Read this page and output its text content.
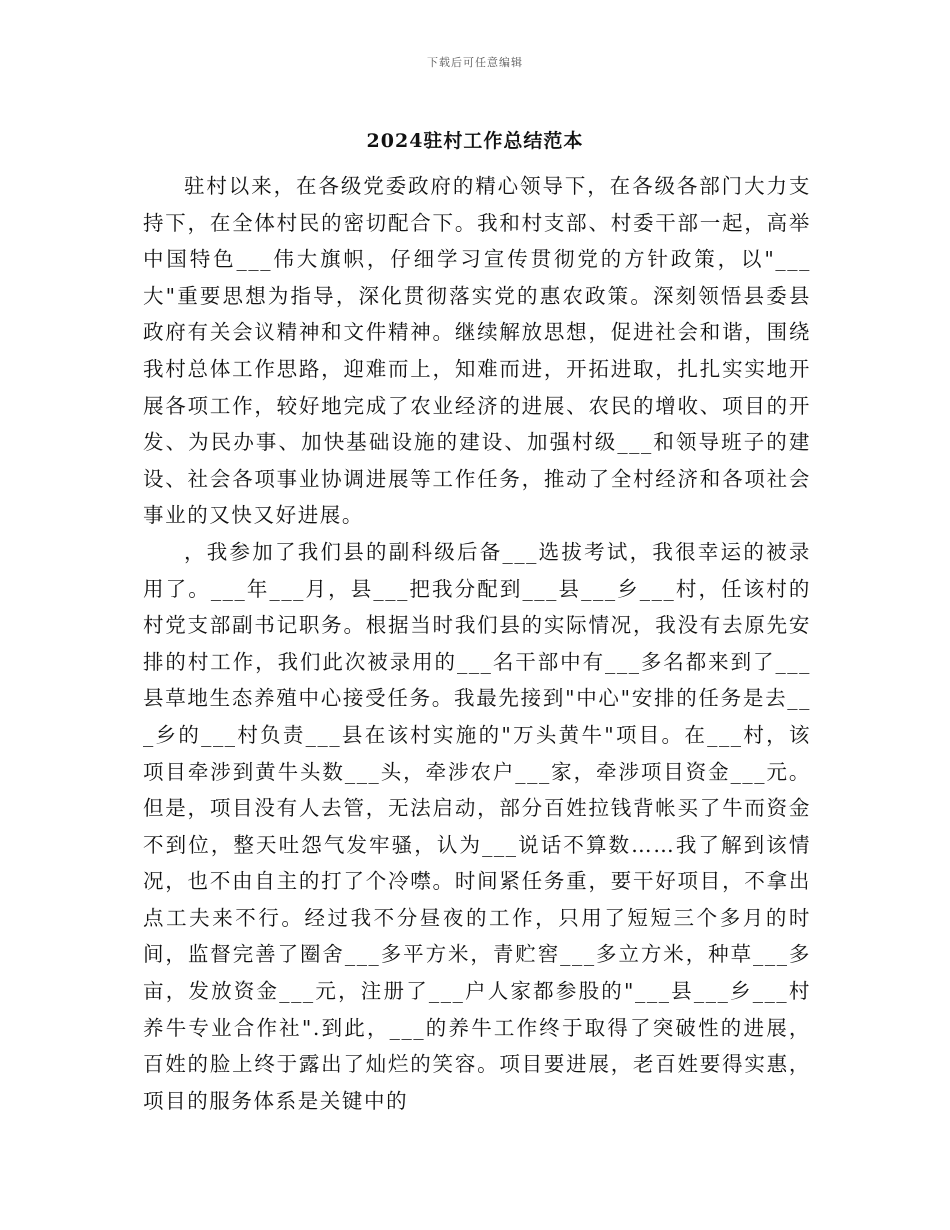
下载后可任意编辑
2024驻村工作总结范本

驻村以来，在各级党委政府的精心领导下，在各级各部门大力支持下，在全体村民的密切配合下。我和村支部、村委干部一起，高举中国特色___伟大旗帜，仔细学习宣传贯彻党的方针政策，以"___大"重要思想为指导，深化贯彻落实党的惠农政策。深刻领悟县委县政府有关会议精神和文件精神。继续解放思想，促进社会和谐，围绕我村总体工作思路，迎难而上，知难而进，开拓进取，扎扎实实地开展各项工作，较好地完成了农业经济的进展、农民的增收、项目的开发、为民办事、加快基础设施的建设、加强村级___和领导班子的建设、社会各项事业协调进展等工作任务，推动了全村经济和各项社会事业的又快又好进展。

，我参加了我们县的副科级后备___选拔考试，我很幸运的被录用了。___年___月，县___把我分配到___县___乡___村，任该村的村党支部副书记职务。根据当时我们县的实际情况，我没有去原先安排的村工作，我们此次被录用的___名干部中有___多名都来到了___县草地生态养殖中心接受任务。我最先接到"中心"安排的任务是去___乡的___村负责___县在该村实施的"万头黄牛"项目。在___村，该项目牵涉到黄牛头数___头，牵涉农户___家，牵涉项目资金___元。但是，项目没有人去管，无法启动，部分百姓拉钱背帐买了牛而资金不到位，整天吐怨气发牢骚，认为___说话不算数……我了解到该情况，也不由自主的打了个冷噤。时间紧任务重，要干好项目，不拿出点工夫来不行。经过我不分昼夜的工作，只用了短短三个多月的时间，监督完善了圈舍___多平方米，青贮窖___多立方米，种草___多亩，发放资金___元，注册了___户人家都参股的"___县___乡___村养牛专业合作社".到此，___的养牛工作终于取得了突破性的进展，百姓的脸上终于露出了灿烂的笑容。项目要进展，老百姓要得实惠，项目的服务体系是关键中的
